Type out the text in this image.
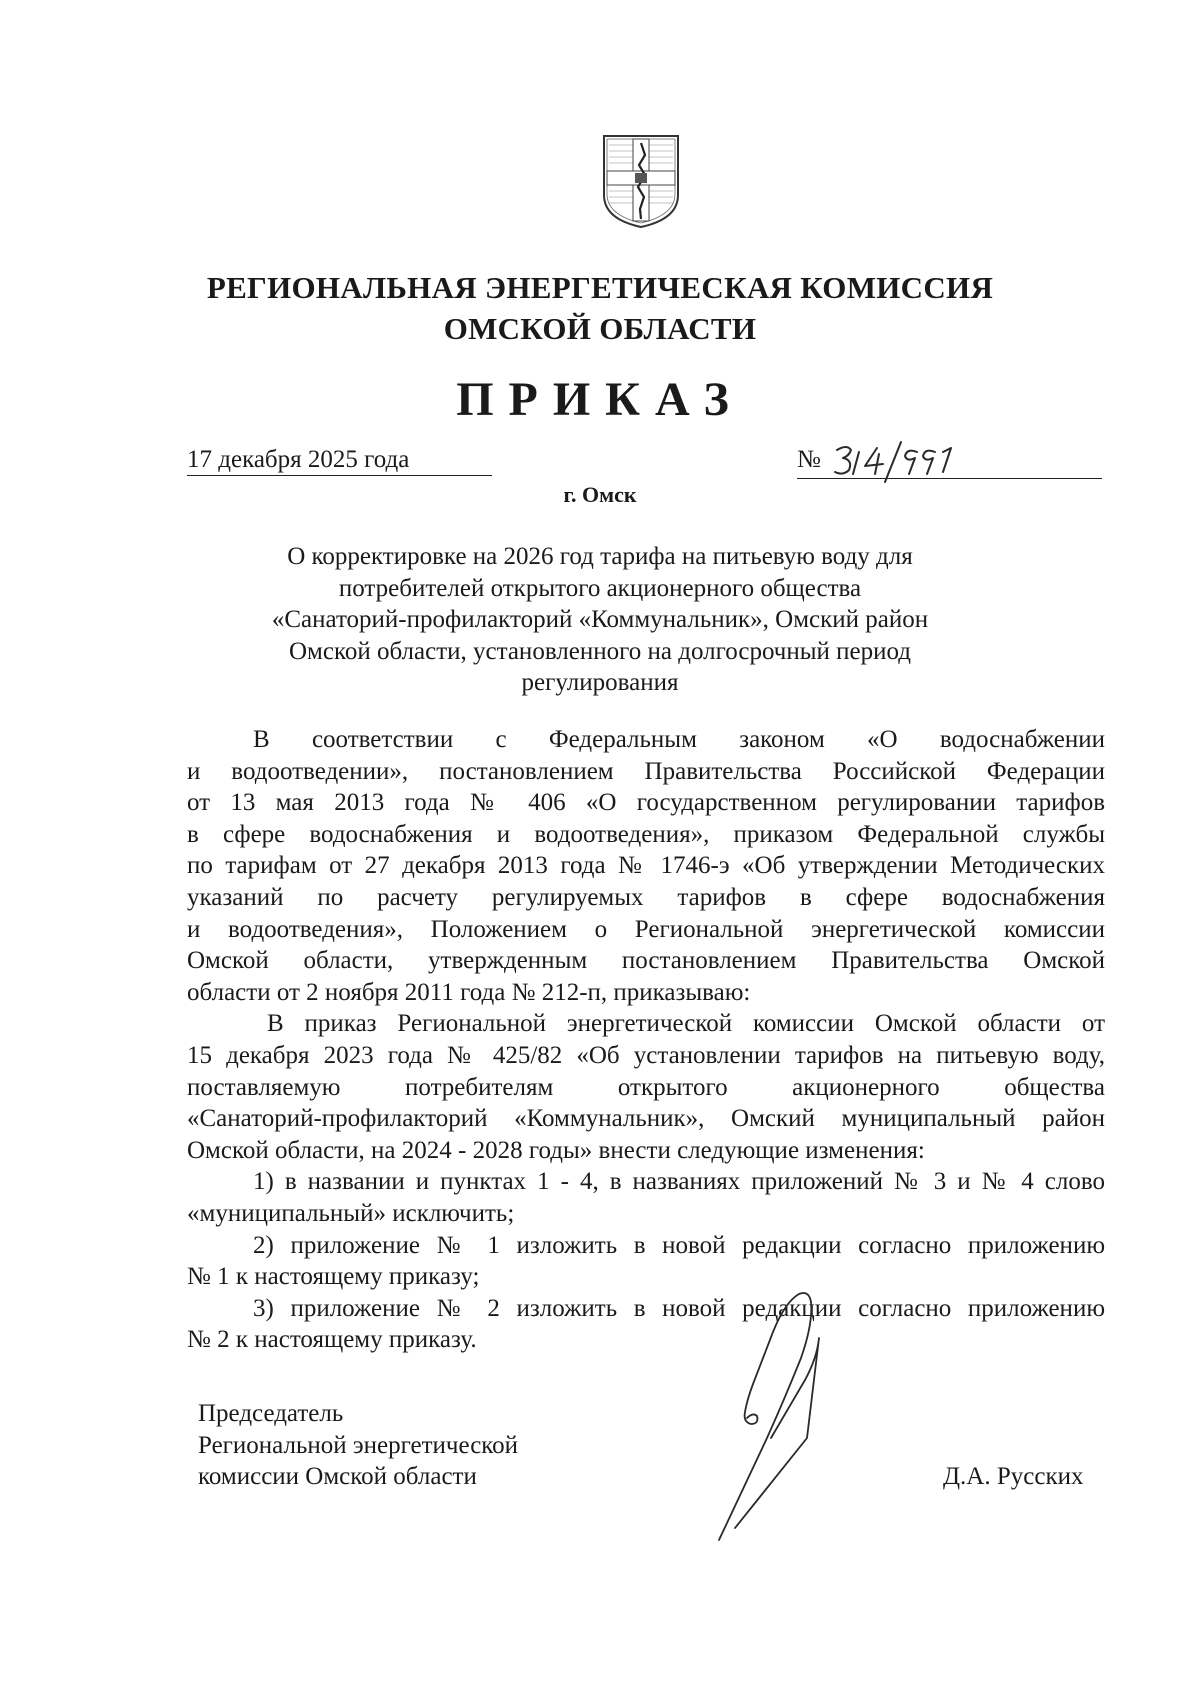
РЕГИОНАЛЬНАЯ ЭНЕРГЕТИЧЕСКАЯ КОМИССИЯ
ОМСКОЙ ОБЛАСТИ
ПРИКАЗ
17 декабря 2025 года	№
г. Омск
О корректировке на 2026 год тарифа на питьевую воду для
потребителей открытого акционерного общества
«Санаторий-профилакторий «Коммунальник», Омский район
Омской области, установленного на долгосрочный период
регулирования
В соответствии с Федеральным законом «О водоснабжении
и водоотведении», постановлением Правительства Российской Федерации
от 13 мая 2013 года № 406 «О государственном регулировании тарифов
в сфере водоснабжения и водоотведения», приказом Федеральной службы
по тарифам от 27 декабря 2013 года № 1746-э «Об утверждении Методических
указаний по расчету регулируемых тарифов в сфере водоснабжения
и водоотведения», Положением о Региональной энергетической комиссии
Омской области, утвержденным постановлением Правительства Омской
области от 2 ноября 2011 года № 212-п, приказываю:
В приказ Региональной энергетической комиссии Омской области от
15 декабря 2023 года № 425/82 «Об установлении тарифов на питьевую воду,
поставляемую потребителям открытого акционерного общества
«Санаторий-профилакторий «Коммунальник», Омский муниципальный район
Омской области, на 2024 - 2028 годы» внести следующие изменения:
1) в названии и пунктах 1 - 4, в названиях приложений № 3 и № 4 слово
«муниципальный» исключить;
2) приложение № 1 изложить в новой редакции согласно приложению
№ 1 к настоящему приказу;
3) приложение № 2 изложить в новой редакции согласно приложению
№ 2 к настоящему приказу.
Председатель
Региональной энергетической
комиссии Омской области	Д.А. Русских
